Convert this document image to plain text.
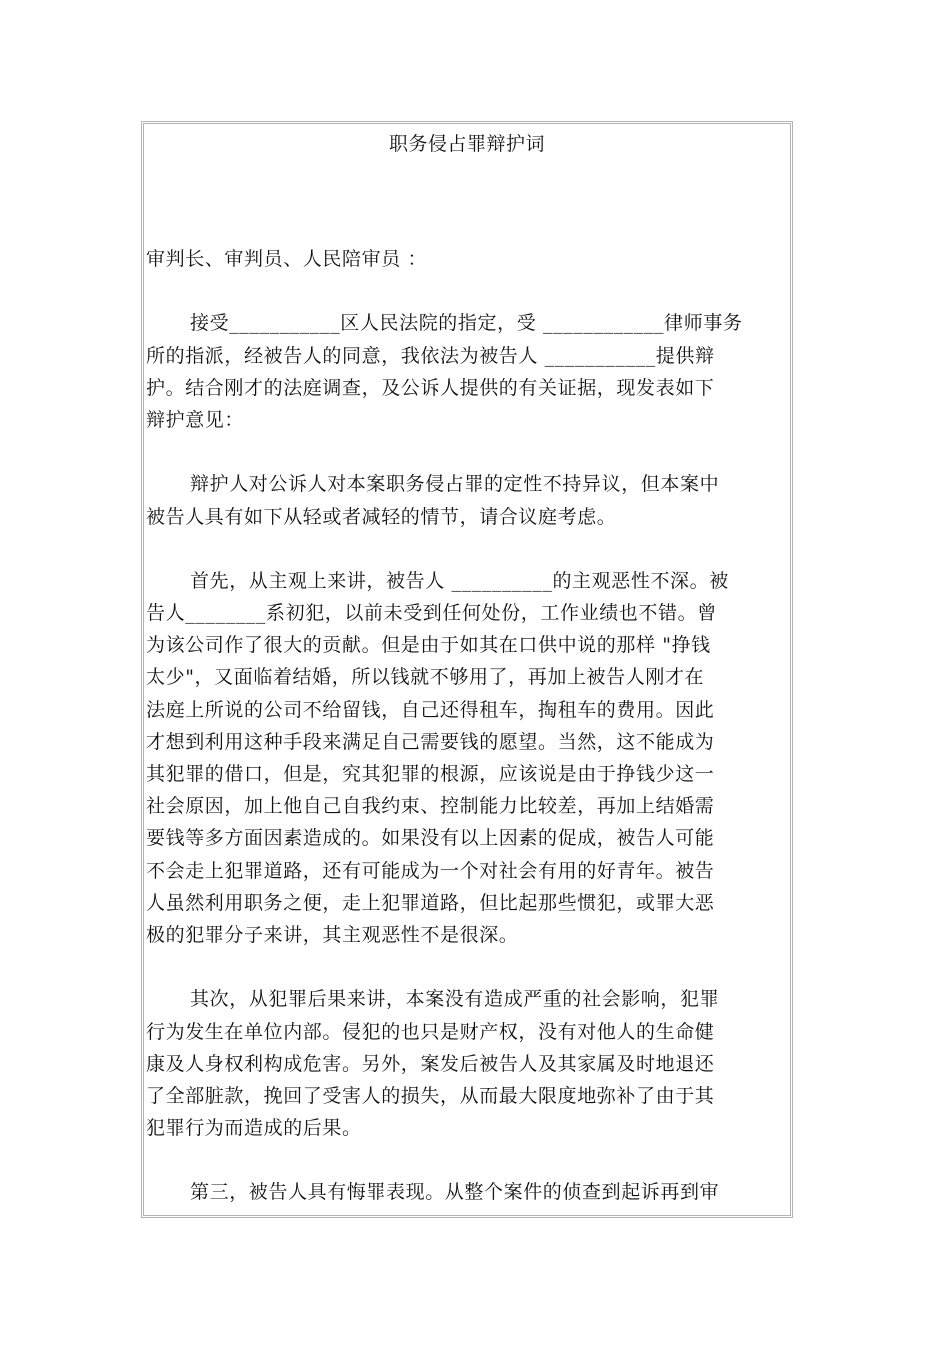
职务侵占罪辩护词
审判长、审判员、人民陪审员 ：
接受___________区人民法院的指定，受 ____________律师事务
所的指派，经被告人的同意，我依法为被告人 ___________提供辩
护。结合刚才的法庭调查，及公诉人提供的有关证据，现发表如下
辩护意见：
辩护人对公诉人对本案职务侵占罪的定性不持异议，但本案中
被告人具有如下从轻或者减轻的情节，请合议庭考虑。
首先，从主观上来讲，被告人 __________的主观恶性不深。被
告人________系初犯，以前未受到任何处份，工作业绩也不错。曾
为该公司作了很大的贡献。但是由于如其在口供中说的那样 "挣钱
太少"，又面临着结婚，所以钱就不够用了，再加上被告人刚才在
法庭上所说的公司不给留钱，自己还得租车，掏租车的费用。因此
才想到利用这种手段来满足自己需要钱的愿望。当然，这不能成为
其犯罪的借口，但是，究其犯罪的根源，应该说是由于挣钱少这一
社会原因，加上他自己自我约束、控制能力比较差，再加上结婚需
要钱等多方面因素造成的。如果没有以上因素的促成，被告人可能
不会走上犯罪道路，还有可能成为一个对社会有用的好青年。被告
人虽然利用职务之便，走上犯罪道路，但比起那些惯犯，或罪大恶
极的犯罪分子来讲，其主观恶性不是很深。
其次，从犯罪后果来讲，本案没有造成严重的社会影响，犯罪
行为发生在单位内部。侵犯的也只是财产权，没有对他人的生命健
康及人身权利构成危害。另外，案发后被告人及其家属及时地退还
了全部脏款，挽回了受害人的损失，从而最大限度地弥补了由于其
犯罪行为而造成的后果。
第三，被告人具有悔罪表现。从整个案件的侦查到起诉再到审
